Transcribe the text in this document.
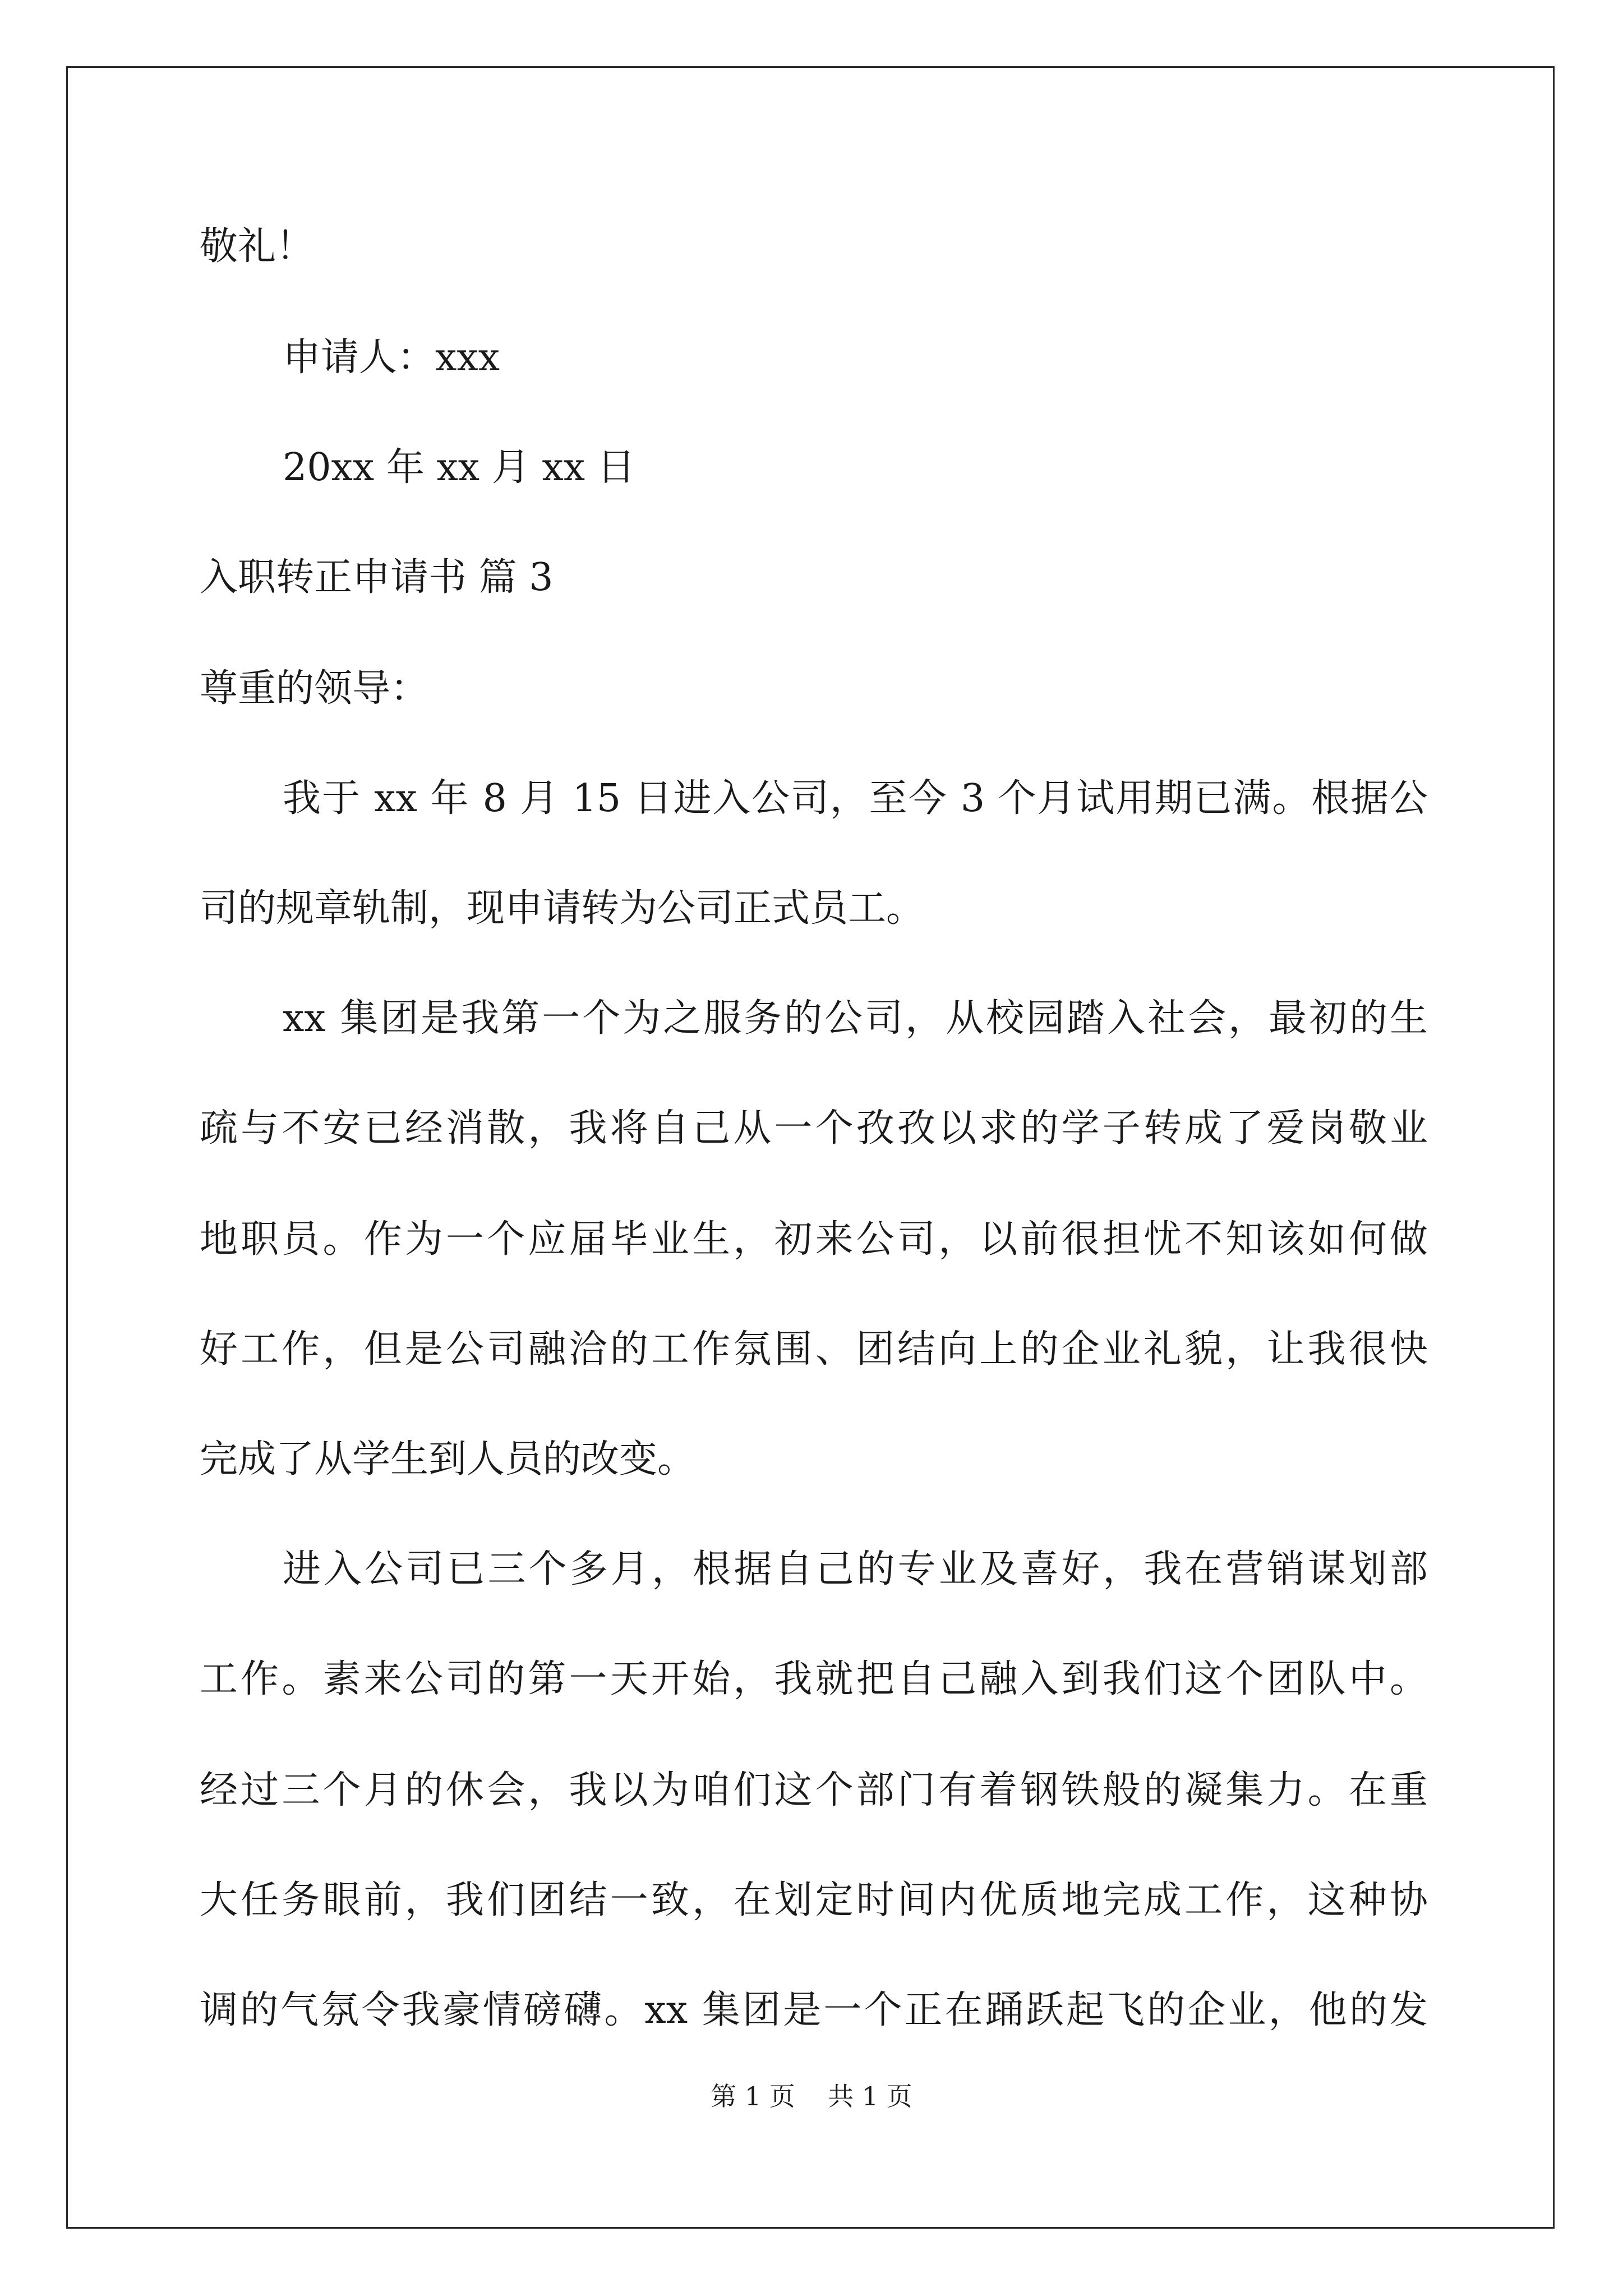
敬礼！
申请人：xxx
20xx 年 xx 月 xx 日
入职转正申请书 篇 3
尊重的领导：
我于 xx 年 8 月 15 日进入公司，至今 3 个月试用期已满。根据公
司的规章轨制，现申请转为公司正式员工。
xx 集团是我第一个为之服务的公司，从校园踏入社会，最初的生
疏与不安已经消散，我将自己从一个孜孜以求的学子转成了爱岗敬业
地职员。作为一个应届毕业生，初来公司，以前很担忧不知该如何做
好工作，但是公司融洽的工作氛围、团结向上的企业礼貌，让我很快
完成了从学生到人员的改变。
进入公司已三个多月，根据自己的专业及喜好，我在营销谋划部
工作。素来公司的第一天开始，我就把自己融入到我们这个团队中。
经过三个月的休会，我以为咱们这个部门有着钢铁般的凝集力。在重
大任务眼前，我们团结一致，在划定时间内优质地完成工作，这种协
调的气氛令我豪情磅礴。xx 集团是一个正在踊跃起飞的企业，他的发
第 1 页    共 1 页
